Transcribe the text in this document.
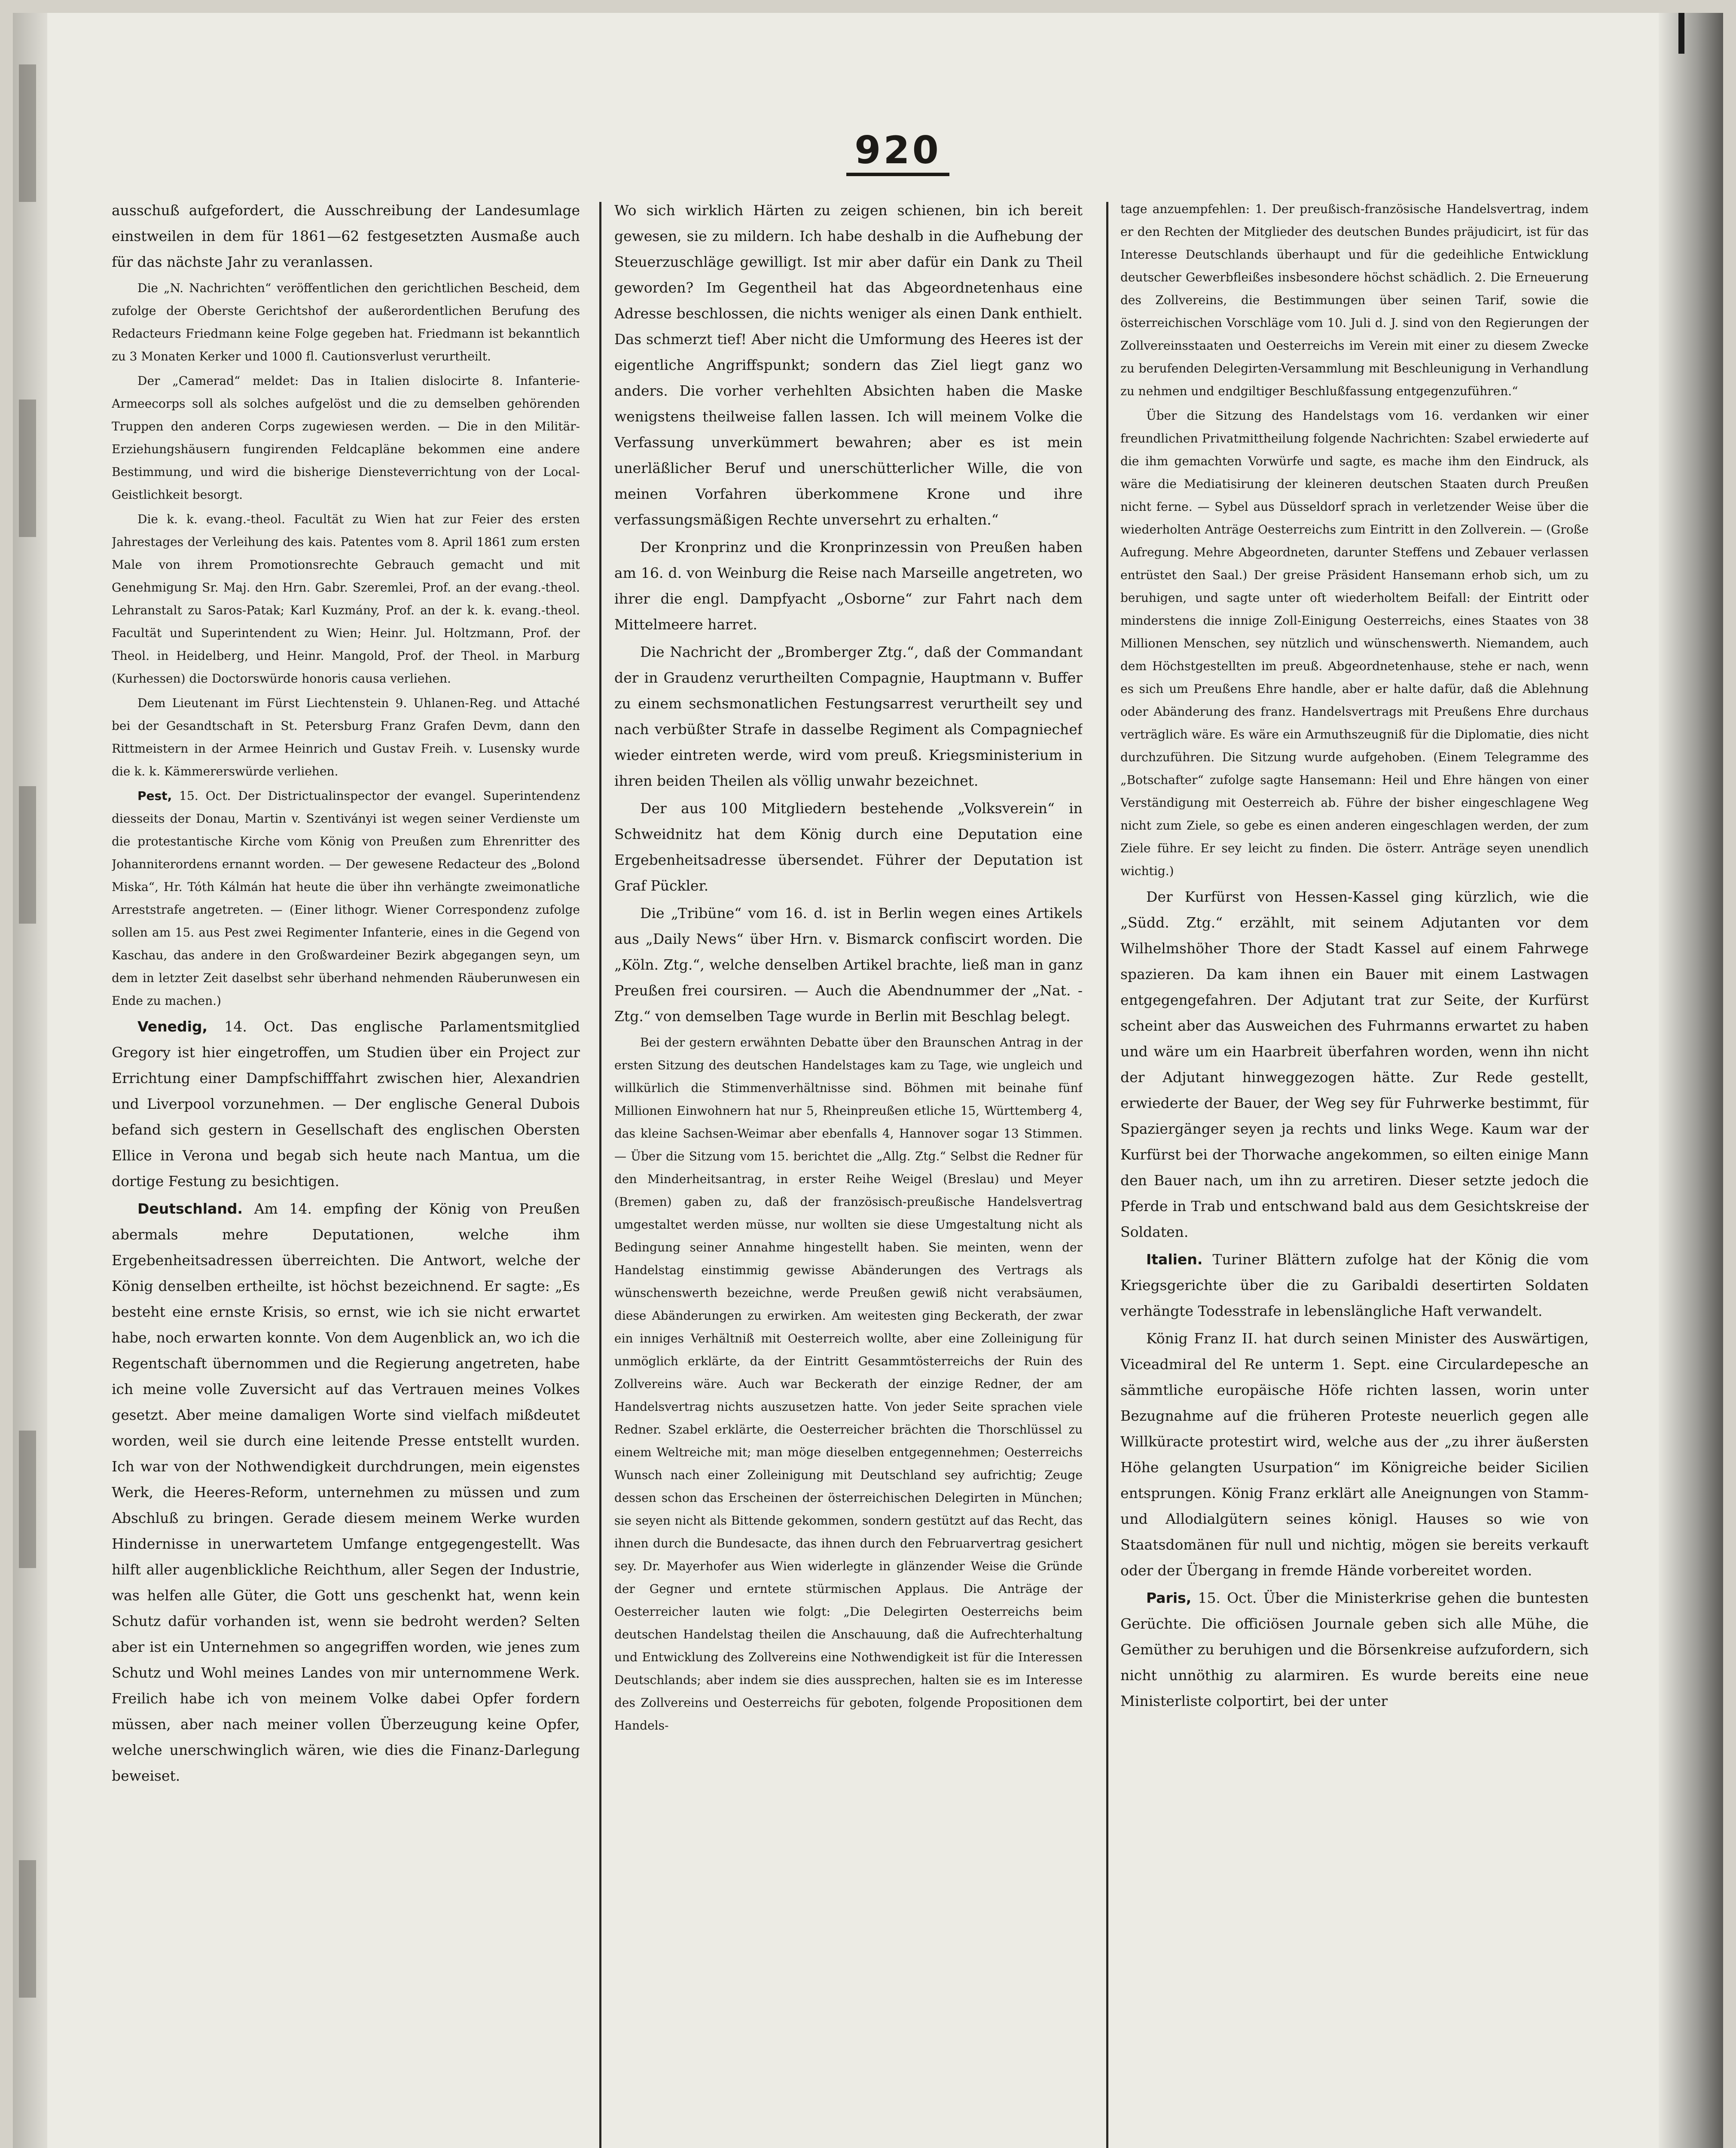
920

ausschuß aufgefordert, die Ausschreibung der Landesumlage einstweilen in dem für 1861—62 festgesetzten Ausmaße auch für das nächste Jahr zu veranlassen.

Die „N. Nachrichten“ veröffentlichen den gerichtlichen Bescheid, dem zufolge der Oberste Gerichtshof der außerordentlichen Berufung des Redacteurs Friedmann keine Folge gegeben hat. Friedmann ist bekanntlich zu 3 Monaten Kerker und 1000 fl. Cautionsverlust verurtheilt.

Der „Camerad“ meldet: Das in Italien dislocirte 8. Infanterie-Armeecorps soll als solches aufgelöst und die zu demselben gehörenden Truppen den anderen Corps zugewiesen werden. — Die in den Militär-Erziehungshäusern fungirenden Feldcapläne bekommen eine andere Bestimmung, und wird die bisherige Diensteverrichtung von der Local-Geistlichkeit besorgt.

Die k. k. evang.-theol. Facultät zu Wien hat zur Feier des ersten Jahrestages der Verleihung des kais. Patentes vom 8. April 1861 zum ersten Male von ihrem Promotionsrechte Gebrauch gemacht und mit Genehmigung Sr. Maj. den Hrn. Gabr. Szeremlei, Prof. an der evang.-theol. Lehranstalt zu Saros-Patak; Karl Kuzmány, Prof. an der k. k. evang.-theol. Facultät und Superintendent zu Wien; Heinr. Jul. Holtzmann, Prof. der Theol. in Heidelberg, und Heinr. Mangold, Prof. der Theol. in Marburg (Kurhessen) die Doctorswürde honoris causa verliehen.

Dem Lieutenant im Fürst Liechtenstein 9. Uhlanen-Reg. und Attaché bei der Gesandtschaft in St. Petersburg Franz Grafen Devm, dann den Rittmeistern in der Armee Heinrich und Gustav Freih. v. Lusensky wurde die k. k. Kämmererswürde verliehen.

Pest, 15. Oct. Der Districtualinspector der evangel. Superintendenz diesseits der Donau, Martin v. Szentiványi ist wegen seiner Verdienste um die protestantische Kirche vom König von Preußen zum Ehrenritter des Johanniterordens ernannt worden. — Der gewesene Redacteur des „Bolond Miska“, Hr. Tóth Kálmán hat heute die über ihn verhängte zweimonatliche Arreststrafe angetreten. — (Einer lithogr. Wiener Correspondenz zufolge sollen am 15. aus Pest zwei Regimenter Infanterie, eines in die Gegend von Kaschau, das andere in den Großwardeiner Bezirk abgegangen seyn, um dem in letzter Zeit daselbst sehr überhand nehmenden Räuberunwesen ein Ende zu machen.)

Venedig, 14. Oct. Das englische Parlamentsmitglied Gregory ist hier eingetroffen, um Studien über ein Project zur Errichtung einer Dampfschifffahrt zwischen hier, Alexandrien und Liverpool vorzunehmen. — Der englische General Dubois befand sich gestern in Gesellschaft des englischen Obersten Ellice in Verona und begab sich heute nach Mantua, um die dortige Festung zu besichtigen.

Deutschland. Am 14. empfing der König von Preußen abermals mehre Deputationen, welche ihm Ergebenheitsadressen überreichten. Die Antwort, welche der König denselben ertheilte, ist höchst bezeichnend. Er sagte: „Es besteht eine ernste Krisis, so ernst, wie ich sie nicht erwartet habe, noch erwarten konnte. Von dem Augenblick an, wo ich die Regentschaft übernommen und die Regierung angetreten, habe ich meine volle Zuversicht auf das Vertrauen meines Volkes gesetzt. Aber meine damaligen Worte sind vielfach mißdeutet worden, weil sie durch eine leitende Presse entstellt wurden. Ich war von der Nothwendigkeit durchdrungen, mein eigenstes Werk, die Heeres-Reform, unternehmen zu müssen und zum Abschluß zu bringen. Gerade diesem meinem Werke wurden Hindernisse in unerwartetem Umfange entgegengestellt. Was hilft aller augenblickliche Reichthum, aller Segen der Industrie, was helfen alle Güter, die Gott uns geschenkt hat, wenn kein Schutz dafür vorhanden ist, wenn sie bedroht werden? Selten aber ist ein Unternehmen so angegriffen worden, wie jenes zum Schutz und Wohl meines Landes von mir unternommene Werk. Freilich habe ich von meinem Volke dabei Opfer fordern müssen, aber nach meiner vollen Überzeugung keine Opfer, welche unerschwinglich wären, wie dies die Finanz-Darlegung beweiset.

Wo sich wirklich Härten zu zeigen schienen, bin ich bereit gewesen, sie zu mildern. Ich habe deshalb in die Aufhebung der Steuerzuschläge gewilligt. Ist mir aber dafür ein Dank zu Theil geworden? Im Gegentheil hat das Abgeordnetenhaus eine Adresse beschlossen, die nichts weniger als einen Dank enthielt. Das schmerzt tief! Aber nicht die Umformung des Heeres ist der eigentliche Angriffspunkt; sondern das Ziel liegt ganz wo anders. Die vorher verhehlten Absichten haben die Maske wenigstens theilweise fallen lassen. Ich will meinem Volke die Verfassung unverkümmert bewahren; aber es ist mein unerläßlicher Beruf und unerschütterlicher Wille, die von meinen Vorfahren überkommene Krone und ihre verfassungsmäßigen Rechte unversehrt zu erhalten.“

Der Kronprinz und die Kronprinzessin von Preußen haben am 16. d. von Weinburg die Reise nach Marseille angetreten, wo ihrer die engl. Dampfyacht „Osborne“ zur Fahrt nach dem Mittelmeere harret.

Die Nachricht der „Bromberger Ztg.“, daß der Commandant der in Graudenz verurtheilten Compagnie, Hauptmann v. Buffer zu einem sechsmonatlichen Festungsarrest verurtheilt sey und nach verbüßter Strafe in dasselbe Regiment als Compagniechef wieder eintreten werde, wird vom preuß. Kriegsministerium in ihren beiden Theilen als völlig unwahr bezeichnet.

Der aus 100 Mitgliedern bestehende „Volksverein“ in Schweidnitz hat dem König durch eine Deputation eine Ergebenheitsadresse übersendet. Führer der Deputation ist Graf Pückler.

Die „Tribüne“ vom 16. d. ist in Berlin wegen eines Artikels aus „Daily News“ über Hrn. v. Bismarck confiscirt worden. Die „Köln. Ztg.“, welche denselben Artikel brachte, ließ man in ganz Preußen frei coursiren. — Auch die Abendnummer der „Nat. - Ztg.“ von demselben Tage wurde in Berlin mit Beschlag belegt.

Bei der gestern erwähnten Debatte über den Braunschen Antrag in der ersten Sitzung des deutschen Handelstages kam zu Tage, wie ungleich und willkürlich die Stimmenverhältnisse sind. Böhmen mit beinahe fünf Millionen Einwohnern hat nur 5, Rheinpreußen etliche 15, Württemberg 4, das kleine Sachsen-Weimar aber ebenfalls 4, Hannover sogar 13 Stimmen. — Über die Sitzung vom 15. berichtet die „Allg. Ztg.“ Selbst die Redner für den Minderheitsantrag, in erster Reihe Weigel (Breslau) und Meyer (Bremen) gaben zu, daß der französisch-preußische Handelsvertrag umgestaltet werden müsse, nur wollten sie diese Umgestaltung nicht als Bedingung seiner Annahme hingestellt haben. Sie meinten, wenn der Handelstag einstimmig gewisse Abänderungen des Vertrags als wünschenswerth bezeichne, werde Preußen gewiß nicht verabsäumen, diese Abänderungen zu erwirken. Am weitesten ging Beckerath, der zwar ein inniges Verhältniß mit Oesterreich wollte, aber eine Zolleinigung für unmöglich erklärte, da der Eintritt Gesammtösterreichs der Ruin des Zollvereins wäre. Auch war Beckerath der einzige Redner, der am Handelsvertrag nichts auszusetzen hatte. Von jeder Seite sprachen viele Redner. Szabel erklärte, die Oesterreicher brächten die Thorschlüssel zu einem Weltreiche mit; man möge dieselben entgegennehmen; Oesterreichs Wunsch nach einer Zolleinigung mit Deutschland sey aufrichtig; Zeuge dessen schon das Erscheinen der österreichischen Delegirten in München; sie seyen nicht als Bittende gekommen, sondern gestützt auf das Recht, das ihnen durch die Bundesacte, das ihnen durch den Februarvertrag gesichert sey. Dr. Mayerhofer aus Wien widerlegte in glänzender Weise die Gründe der Gegner und erntete stürmischen Applaus. Die Anträge der Oesterreicher lauten wie folgt: „Die Delegirten Oesterreichs beim deutschen Handelstag theilen die Anschauung, daß die Aufrechterhaltung und Entwicklung des Zollvereins eine Nothwendigkeit ist für die Interessen Deutschlands; aber indem sie dies aussprechen, halten sie es im Interesse des Zollvereins und Oesterreichs für geboten, folgende Propositionen dem Handels-

tage anzuempfehlen: 1. Der preußisch-französische Handelsvertrag, indem er den Rechten der Mitglieder des deutschen Bundes präjudicirt, ist für das Interesse Deutschlands überhaupt und für die gedeihliche Entwicklung deutscher Gewerbfleißes insbesondere höchst schädlich. 2. Die Erneuerung des Zollvereins, die Bestimmungen über seinen Tarif, sowie die österreichischen Vorschläge vom 10. Juli d. J. sind von den Regierungen der Zollvereinsstaaten und Oesterreichs im Verein mit einer zu diesem Zwecke zu berufenden Delegirten-Versammlung mit Beschleunigung in Verhandlung zu nehmen und endgiltiger Beschlußfassung entgegenzuführen.“

Über die Sitzung des Handelstags vom 16. verdanken wir einer freundlichen Privatmittheilung folgende Nachrichten: Szabel erwiederte auf die ihm gemachten Vorwürfe und sagte, es mache ihm den Eindruck, als wäre die Mediatisirung der kleineren deutschen Staaten durch Preußen nicht ferne. — Sybel aus Düsseldorf sprach in verletzender Weise über die wiederholten Anträge Oesterreichs zum Eintritt in den Zollverein. — (Große Aufregung. Mehre Abgeordneten, darunter Steffens und Zebauer verlassen entrüstet den Saal.) Der greise Präsident Hansemann erhob sich, um zu beruhigen, und sagte unter oft wiederholtem Beifall: der Eintritt oder minderstens die innige Zoll-Einigung Oesterreichs, eines Staates von 38 Millionen Menschen, sey nützlich und wünschenswerth. Niemandem, auch dem Höchstgestellten im preuß. Abgeordnetenhause, stehe er nach, wenn es sich um Preußens Ehre handle, aber er halte dafür, daß die Ablehnung oder Abänderung des franz. Handelsvertrags mit Preußens Ehre durchaus verträglich wäre. Es wäre ein Armuthszeugniß für die Diplomatie, dies nicht durchzuführen. Die Sitzung wurde aufgehoben. (Einem Telegramme des „Botschafter“ zufolge sagte Hansemann: Heil und Ehre hängen von einer Verständigung mit Oesterreich ab. Führe der bisher eingeschlagene Weg nicht zum Ziele, so gebe es einen anderen eingeschlagen werden, der zum Ziele führe. Er sey leicht zu finden. Die österr. Anträge seyen unendlich wichtig.)

Der Kurfürst von Hessen-Kassel ging kürzlich, wie die „Südd. Ztg.“ erzählt, mit seinem Adjutanten vor dem Wilhelmshöher Thore der Stadt Kassel auf einem Fahrwege spazieren. Da kam ihnen ein Bauer mit einem Lastwagen entgegengefahren. Der Adjutant trat zur Seite, der Kurfürst scheint aber das Ausweichen des Fuhrmanns erwartet zu haben und wäre um ein Haarbreit überfahren worden, wenn ihn nicht der Adjutant hinweggezogen hätte. Zur Rede gestellt, erwiederte der Bauer, der Weg sey für Fuhrwerke bestimmt, für Spaziergänger seyen ja rechts und links Wege. Kaum war der Kurfürst bei der Thorwache angekommen, so eilten einige Mann den Bauer nach, um ihn zu arretiren. Dieser setzte jedoch die Pferde in Trab und entschwand bald aus dem Gesichtskreise der Soldaten.

Italien. Turiner Blättern zufolge hat der König die vom Kriegsgerichte über die zu Garibaldi desertirten Soldaten verhängte Todesstrafe in lebenslängliche Haft verwandelt.

König Franz II. hat durch seinen Minister des Auswärtigen, Viceadmiral del Re unterm 1. Sept. eine Circulardepesche an sämmtliche europäische Höfe richten lassen, worin unter Bezugnahme auf die früheren Proteste neuerlich gegen alle Willküracte protestirt wird, welche aus der „zu ihrer äußersten Höhe gelangten Usurpation“ im Königreiche beider Sicilien entsprungen. König Franz erklärt alle Aneignungen von Stamm- und Allodialgütern seines königl. Hauses so wie von Staatsdomänen für null und nichtig, mögen sie bereits verkauft oder der Übergang in fremde Hände vorbereitet worden.

Paris, 15. Oct. Über die Ministerkrise gehen die buntesten Gerüchte. Die officiösen Journale geben sich alle Mühe, die Gemüther zu beruhigen und die Börsenkreise aufzufordern, sich nicht unnöthig zu alarmiren. Es wurde bereits eine neue Ministerliste colportirt, bei der unter
